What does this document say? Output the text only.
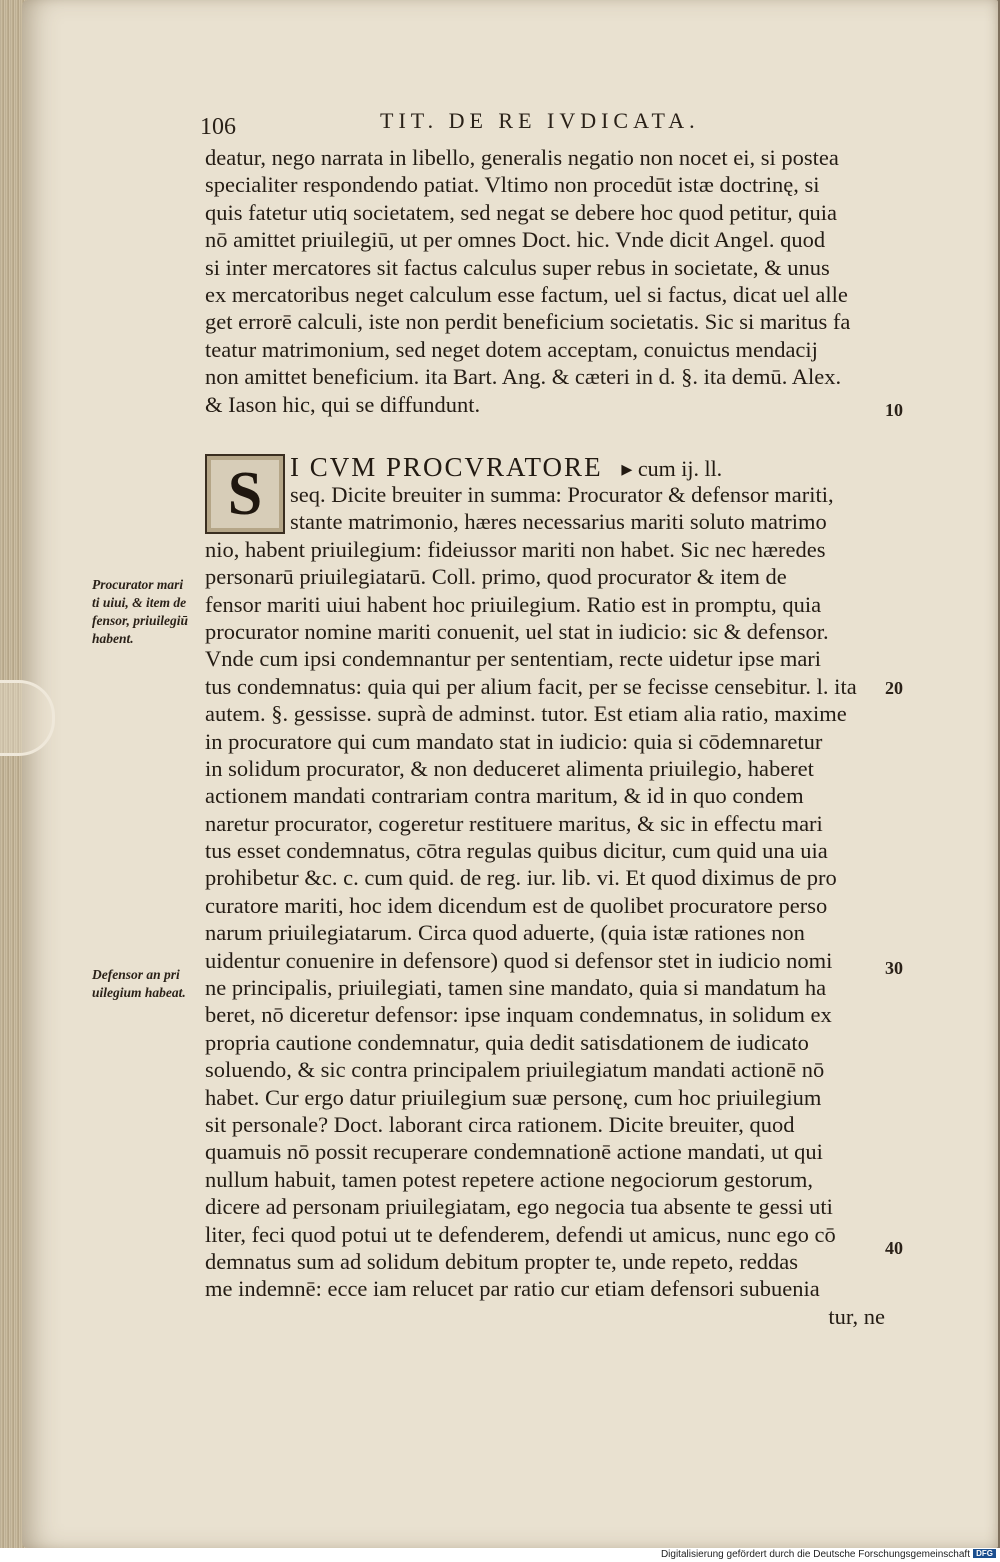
106	TIT. DE RE IVDICATA.
deatur, nego narrata in libello, generalis negatio non nocet ei, si postea
specialiter respondendo patiat. Vltimo non procedūt istæ doctrinę, si
quis fatetur utiq societatem, sed negat se debere hoc quod petitur, quia
nō amittet priuilegiū, ut per omnes Doct. hic. Vnde dicit Angel. quod
si inter mercatores sit factus calculus super rebus in societate, & unus
ex mercatoribus neget calculum esse factum, uel si factus, dicat uel alle
get errorē calculi, iste non perdit beneficium societatis. Sic si maritus fa
teatur matrimonium, sed neget dotem acceptam, conuictus mendacij
non amittet beneficium. ita Bart. Ang. & cæteri in d. §. ita demū. Alex.
& Iason hic, qui se diffundunt.
S	I CVM PROCVRATORE ▸ cum ij. ll.
seq. Dicite breuiter in summa: Procurator & defensor mariti,
stante matrimonio, hæres necessarius mariti soluto matrimo
nio, habent priuilegium: fideiussor mariti non habet. Sic nec hæredes
personarū priuilegiatarū. Coll. primo, quod procurator & item de
fensor mariti uiui habent hoc priuilegium. Ratio est in promptu, quia
procurator nomine mariti conuenit, uel stat in iudicio: sic & defensor.
Vnde cum ipsi condemnantur per sententiam, recte uidetur ipse mari
tus condemnatus: quia qui per alium facit, per se fecisse censebitur. l. ita
autem. §. gessisse. suprà de adminst. tutor. Est etiam alia ratio, maxime
in procuratore qui cum mandato stat in iudicio: quia si cōdemnaretur
in solidum procurator, & non deduceret alimenta priuilegio, haberet
actionem mandati contrariam contra maritum, & id in quo condem
naretur procurator, cogeretur restituere maritus, & sic in effectu mari
tus esset condemnatus, cōtra regulas quibus dicitur, cum quid una uia
prohibetur &c. c. cum quid. de reg. iur. lib. vi. Et quod diximus de pro
curatore mariti, hoc idem dicendum est de quolibet procuratore perso
narum priuilegiatarum. Circa quod aduerte, (quia istæ rationes non
uidentur conuenire in defensore) quod si defensor stet in iudicio nomi
ne principalis, priuilegiati, tamen sine mandato, quia si mandatum ha
beret, nō diceretur defensor: ipse inquam condemnatus, in solidum ex
propria cautione condemnatur, quia dedit satisdationem de iudicato
soluendo, & sic contra principalem priuilegiatum mandati actionē nō
habet. Cur ergo datur priuilegium suæ personę, cum hoc priuilegium
sit personale? Doct. laborant circa rationem. Dicite breuiter, quod
quamuis nō possit recuperare condemnationē actione mandati, ut qui
nullum habuit, tamen potest repetere actione negociorum gestorum,
dicere ad personam priuilegiatam, ego negocia tua absente te gessi uti
liter, feci quod potui ut te defenderem, defendi ut amicus, nunc ego cō
demnatus sum ad solidum debitum propter te, unde repeto, reddas
me indemnē: ecce iam relucet par ratio cur etiam defensori subuenia
tur, ne
Procurator mari
ti uiui, & item de
fensor, priuilegiū
habent.
Defensor an pri
uilegium habeat.
10
20
30
40
Digitalisierung gefördert durch die Deutsche Forschungsgemeinschaft DFG
